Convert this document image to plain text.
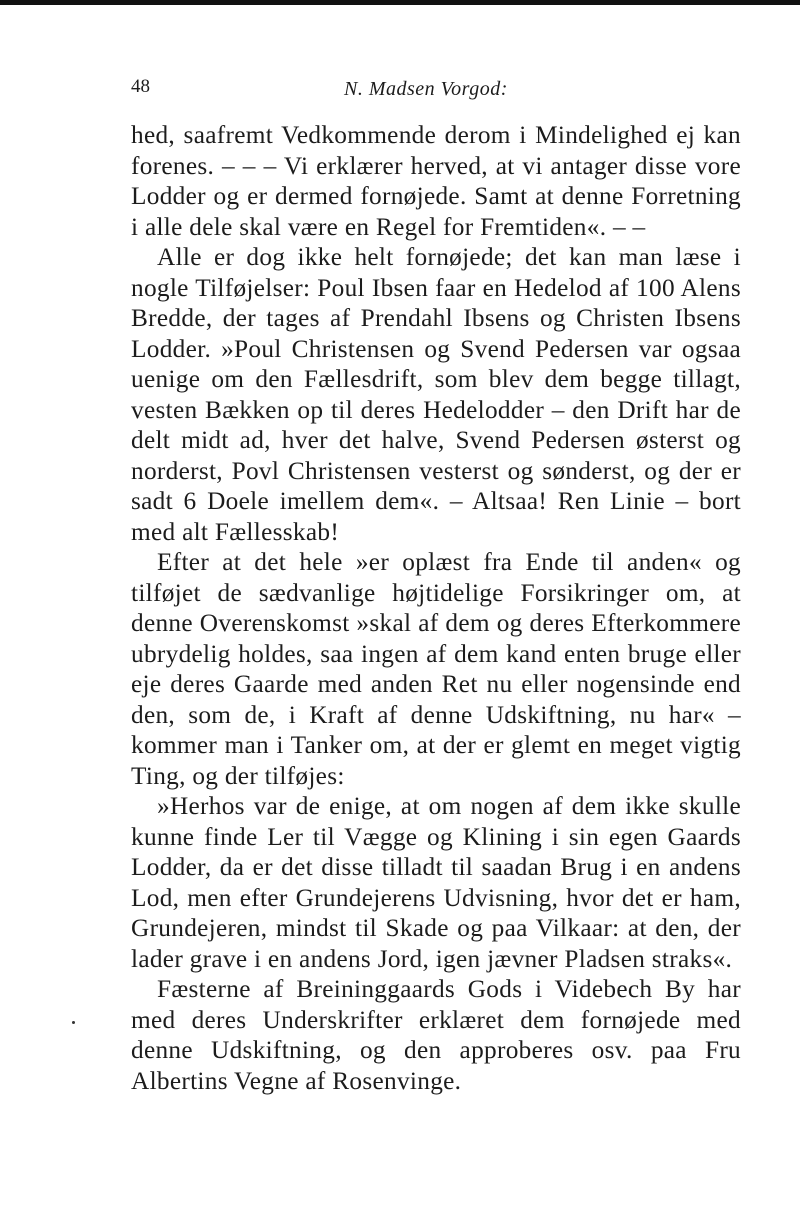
48	N. Madsen Vorgod:

hed, saafremt Vedkommende derom i Mindelighed ej kan forenes. – – – Vi erklærer herved, at vi antager disse vore Lodder og er dermed fornøjede. Samt at denne Forretning i alle dele skal være en Regel for Fremtiden«. – –

Alle er dog ikke helt fornøjede; det kan man læse i nogle Tilføjelser: Poul Ibsen faar en Hedelod af 100 Alens Bredde, der tages af Prendahl Ibsens og Christen Ibsens Lodder. »Poul Christensen og Svend Pedersen var ogsaa uenige om den Fællesdrift, som blev dem begge tillagt, vesten Bækken op til deres Hedelodder – den Drift har de delt midt ad, hver det halve, Svend Pedersen østerst og norderst, Povl Christensen vesterst og sønderst, og der er sadt 6 Doele imellem dem«. – Altsaa! Ren Linie – bort med alt Fællesskab!

Efter at det hele »er oplæst fra Ende til anden« og tilføjet de sædvanlige højtidelige Forsikringer om, at denne Overenskomst »skal af dem og deres Efterkommere ubrydelig holdes, saa ingen af dem kand enten bruge eller eje deres Gaarde med anden Ret nu eller nogensinde end den, som de, i Kraft af denne Udskiftning, nu har« – kommer man i Tanker om, at der er glemt en meget vigtig Ting, og der tilføjes:

»Herhos var de enige, at om nogen af dem ikke skulle kunne finde Ler til Vægge og Klining i sin egen Gaards Lodder, da er det disse tilladt til saadan Brug i en andens Lod, men efter Grundejerens Udvisning, hvor det er ham, Grundejeren, mindst til Skade og paa Vilkaar: at den, der lader grave i en andens Jord, igen jævner Pladsen straks«.

Fæsterne af Breininggaards Gods i Videbech By har med deres Underskrifter erklæret dem fornøjede med denne Udskiftning, og den approberes osv. paa Fru Albertins Vegne af Rosenvinge.
